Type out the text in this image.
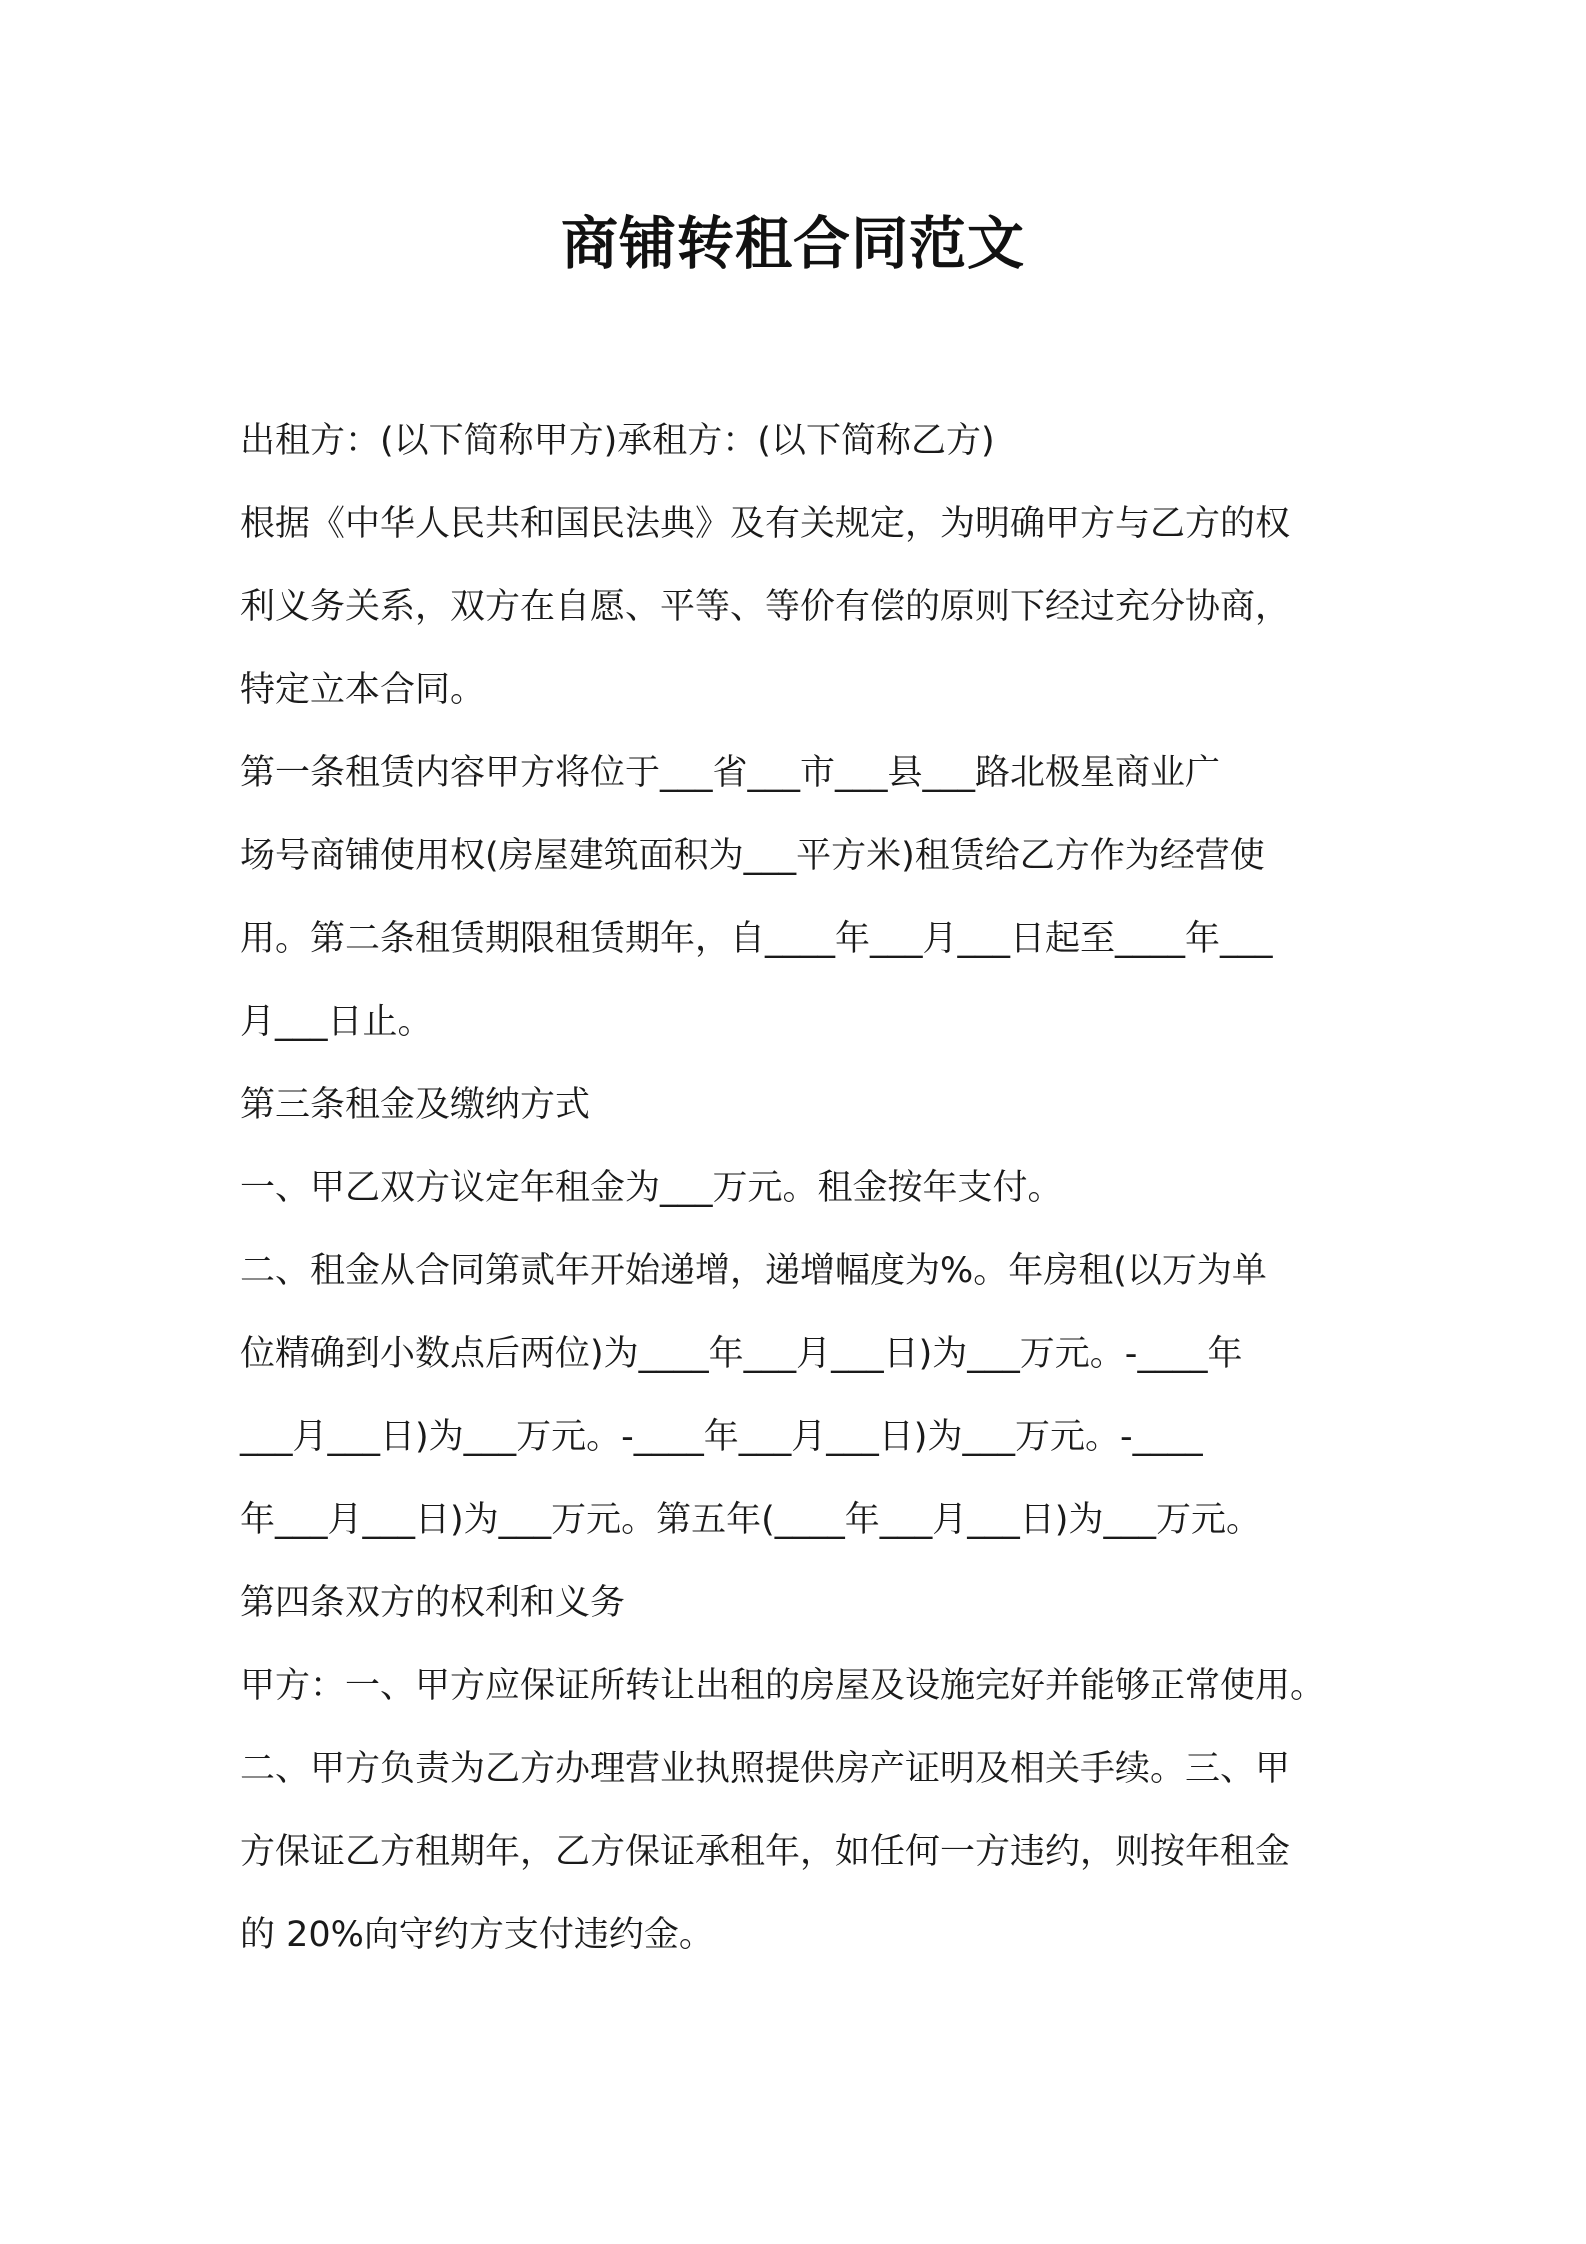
商铺转租合同范文
出租方：(以下简称甲方)承租方：(以下简称乙方)
根据《中华人民共和国民法典》及有关规定，为明确甲方与乙方的权
利义务关系，双方在自愿、平等、等价有偿的原则下经过充分协商，
特定立本合同。
第一条租赁内容甲方将位于___省___市___县___路北极星商业广
场号商铺使用权(房屋建筑面积为___平方米)租赁给乙方作为经营使
用。第二条租赁期限租赁期年，自____年___月___日起至____年___
月___日止。
第三条租金及缴纳方式
一、甲乙双方议定年租金为___万元。租金按年支付。
二、租金从合同第贰年开始递增，递增幅度为%。年房租(以万为单
位精确到小数点后两位)为____年___月___日)为___万元。-____年
___月___日)为___万元。-____年___月___日)为___万元。-____
年___月___日)为___万元。第五年(____年___月___日)为___万元。
第四条双方的权利和义务
甲方：一、甲方应保证所转让出租的房屋及设施完好并能够正常使用。
二、甲方负责为乙方办理营业执照提供房产证明及相关手续。三、甲
方保证乙方租期年，乙方保证承租年，如任何一方违约，则按年租金
的 20%向守约方支付违约金。
